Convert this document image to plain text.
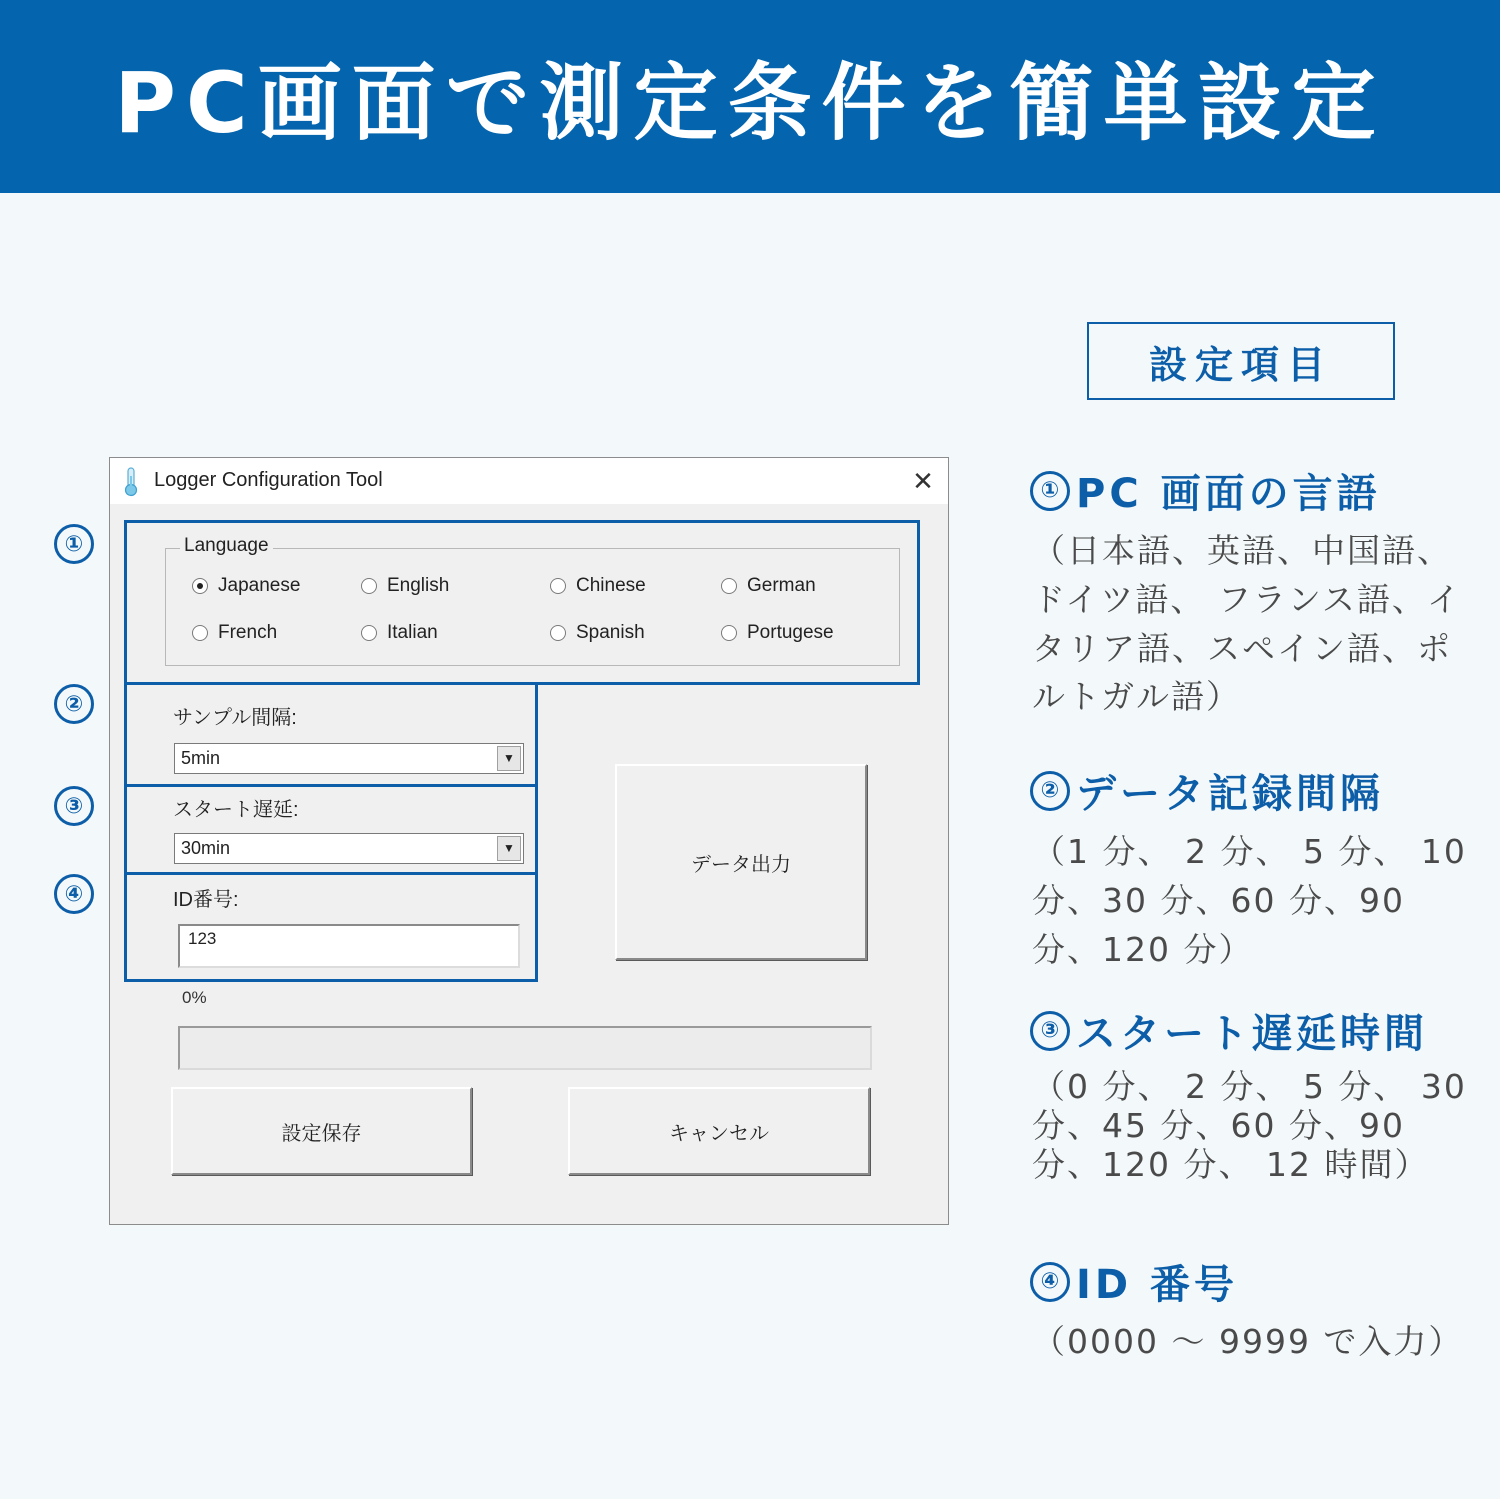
PC画面で測定条件を簡単設定
Logger Configuration Tool	✕
Language
Japanese	English	Chinese	German
French	Italian	Spanish	Portugese
サンプル間隔:
5min	▼
スタート遅延:
30min	▼
ID番号:
123
データ出力
0%
設定保存	キャンセル
①
②
③
④
設定項目
① PC 画面の言語
（日本語、英語、中国語、ドイツ語、 フランス語、イタリア語、スペイン語、ポルトガル語）
② データ記録間隔
（1 分、 2 分、 5 分、 10 分、30 分、60 分、90 分、120 分）
③ スタート遅延時間
（0 分、 2 分、 5 分、 30 分、45 分、60 分、90 分、120 分、 12 時間）
④ ID 番号
（0000 ～ 9999 で入力）
